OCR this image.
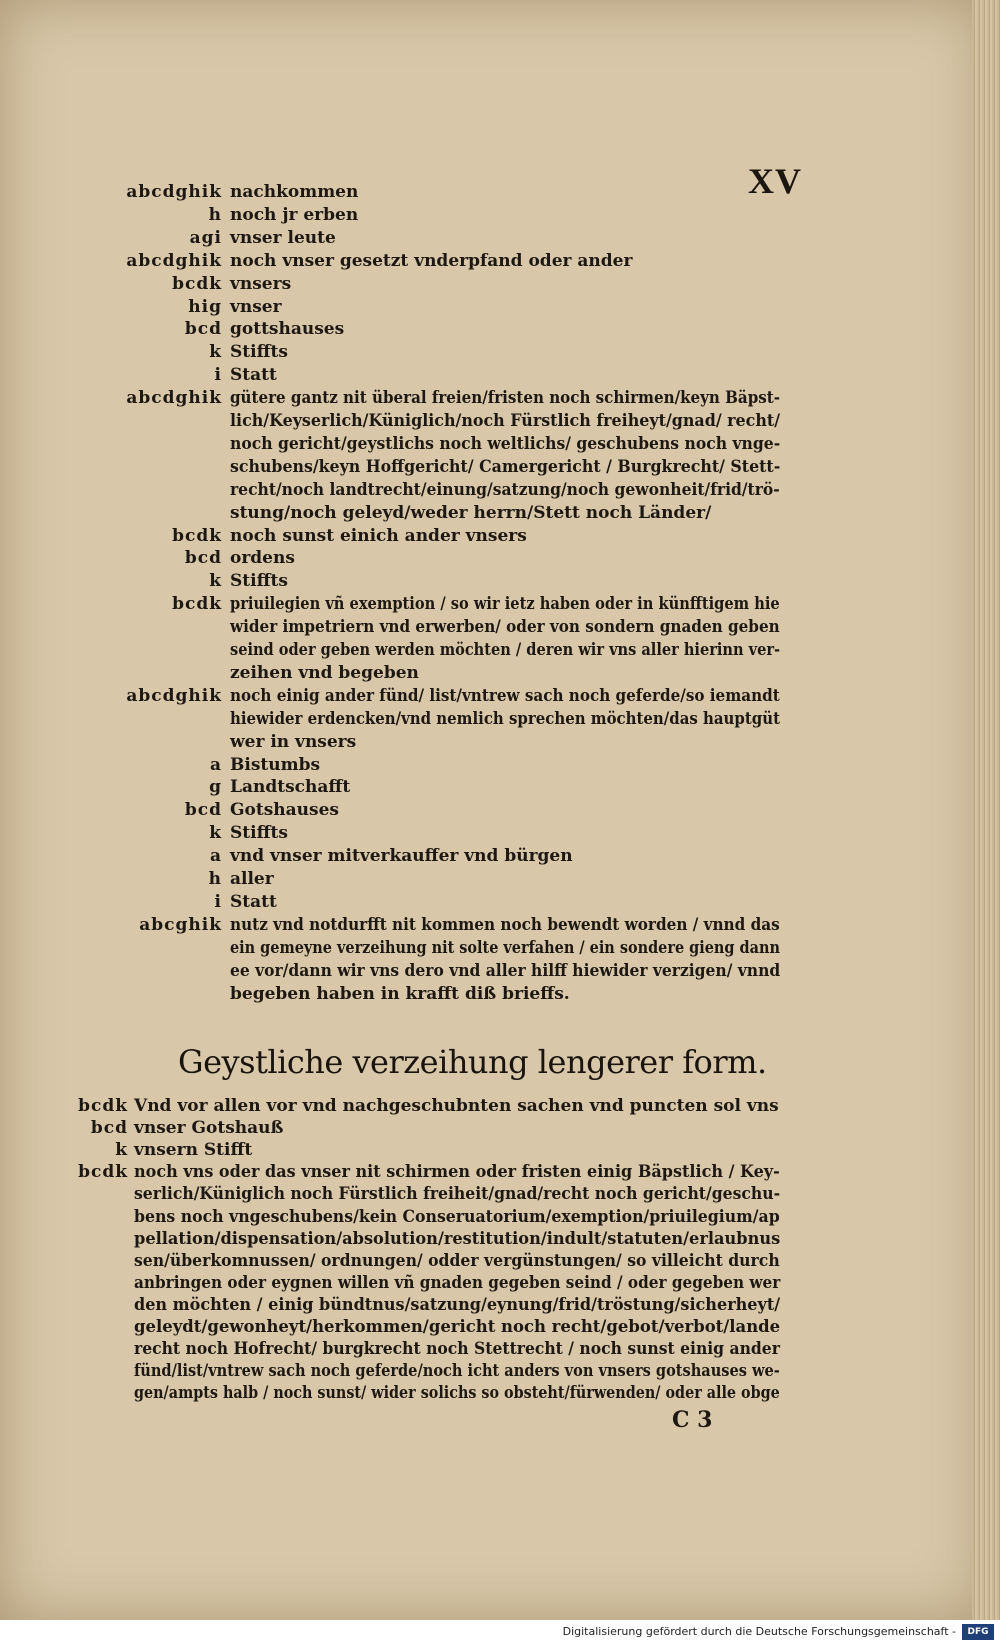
XV
abcdghik nachkommen
h noch jr erben
agi vnser leute
abcdghik noch vnser gesetzt vnderpfand oder ander
bcdk vnsers
hig vnser
bcd gottshauses
k Stiffts
i Statt
abcdghik gütere gantz nit überal freien/fristen noch schirmen/keyn Bäpst-
lich/Keyserlich/Küniglich/noch Fürstlich freiheyt/gnad/ recht/
noch gericht/geystlichs noch weltlichs/ geschubens noch vnge-
schubens/keyn Hoffgericht/ Camergericht / Burgkrecht/ Stett-
recht/noch landtrecht/einung/satzung/noch gewonheit/frid/trö-
stung/noch geleyd/weder herrn/Stett noch Länder/
bcdk noch sunst einich ander vnsers
bcd ordens
k Stiffts
bcdk priuilegien vñ exemption / so wir ietz haben oder in künfftigem hie
wider impetriern vnd erwerben/ oder von sondern gnaden geben
seind oder geben werden möchten / deren wir vns aller hierinn ver-
zeihen vnd begeben
abcdghik noch einig ander fünd/ list/vntrew sach noch geferde/so iemandt
hiewider erdencken/vnd nemlich sprechen möchten/das hauptgüt
wer in vnsers
a Bistumbs
g Landtschafft
bcd Gotshauses
k Stiffts
a vnd vnser mitverkauffer vnd bürgen
h aller
i Statt
abcghik nutz vnd notdurfft nit kommen noch bewendt worden / vnnd das
ein gemeyne verzeihung nit solte verfahen / ein sondere gieng dann
ee vor/dann wir vns dero vnd aller hilff hiewider verzigen/ vnnd
begeben haben in krafft diß brieffs.
Geystliche verzeihung lengerer form.
bcdk Vnd vor allen vor vnd nachgeschubnten sachen vnd puncten sol vns
bcd vnser Gotshauß
k vnsern Stifft
bcdk noch vns oder das vnser nit schirmen oder fristen einig Bäpstlich / Key-
serlich/Küniglich noch Fürstlich freiheit/gnad/recht noch gericht/geschu-
bens noch vngeschubens/kein Conseruatorium/exemption/priuilegium/ap
pellation/dispensation/absolution/restitution/indult/statuten/erlaubnus
sen/überkomnussen/ ordnungen/ odder vergünstungen/ so villeicht durch
anbringen oder eygnen willen vñ gnaden gegeben seind / oder gegeben wer
den möchten / einig bündtnus/satzung/eynung/frid/tröstung/sicherheyt/
geleydt/gewonheyt/herkommen/gericht noch recht/gebot/verbot/lande
recht noch Hofrecht/ burgkrecht noch Stettrecht / noch sunst einig ander
fünd/list/vntrew sach noch geferde/noch icht anders von vnsers gotshauses we-
gen/ampts halb / noch sunst/ wider solichs so obsteht/fürwenden/ oder alle obge
C 3
Digitalisierung gefördert durch die Deutsche Forschungsgemeinschaft -	DFG
